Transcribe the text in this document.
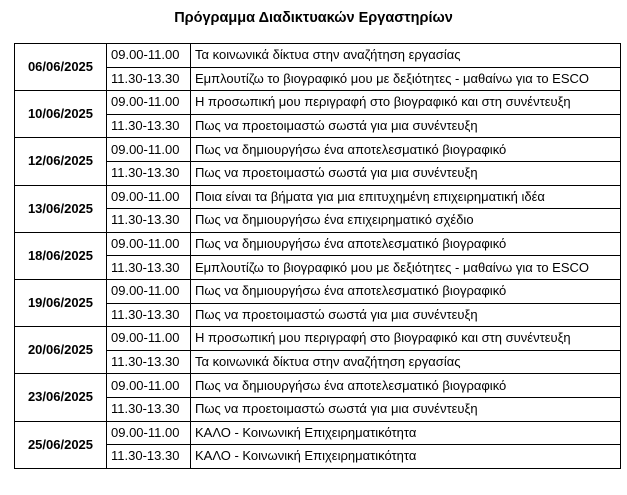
Πρόγραμμα Διαδικτυακών Εργαστηρίων
06/06/2025	09.00-11.00	Τα κοινωνικά δίκτυα στην αναζήτηση εργασίας
	11.30-13.30	Εμπλουτίζω το βιογραφικό μου με δεξιότητες - μαθαίνω για το ESCO
10/06/2025	09.00-11.00	Η προσωπική μου περιγραφή στο βιογραφικό και στη συνέντευξη
	11.30-13.30	Πως να προετοιμαστώ σωστά για μια συνέντευξη
12/06/2025	09.00-11.00	Πως να δημιουργήσω ένα αποτελεσματικό βιογραφικό
	11.30-13.30	Πως να προετοιμαστώ σωστά για μια συνέντευξη
13/06/2025	09.00-11.00	Ποια είναι τα βήματα για μια επιτυχημένη επιχειρηματική ιδέα
	11.30-13.30	Πως να δημιουργήσω ένα επιχειρηματικό σχέδιο
18/06/2025	09.00-11.00	Πως να δημιουργήσω ένα αποτελεσματικό βιογραφικό
	11.30-13.30	Εμπλουτίζω το βιογραφικό μου με δεξιότητες - μαθαίνω για το ESCO
19/06/2025	09.00-11.00	Πως να δημιουργήσω ένα αποτελεσματικό βιογραφικό
	11.30-13.30	Πως να προετοιμαστώ σωστά για μια συνέντευξη
20/06/2025	09.00-11.00	Η προσωπική μου περιγραφή στο βιογραφικό και στη συνέντευξη
	11.30-13.30	Τα κοινωνικά δίκτυα στην αναζήτηση εργασίας
23/06/2025	09.00-11.00	Πως να δημιουργήσω ένα αποτελεσματικό βιογραφικό
	11.30-13.30	Πως να προετοιμαστώ σωστά για μια συνέντευξη
25/06/2025	09.00-11.00	ΚΑΛΟ - Κοινωνική Επιχειρηματικότητα
	11.30-13.30	ΚΑΛΟ - Κοινωνική Επιχειρηματικότητα
